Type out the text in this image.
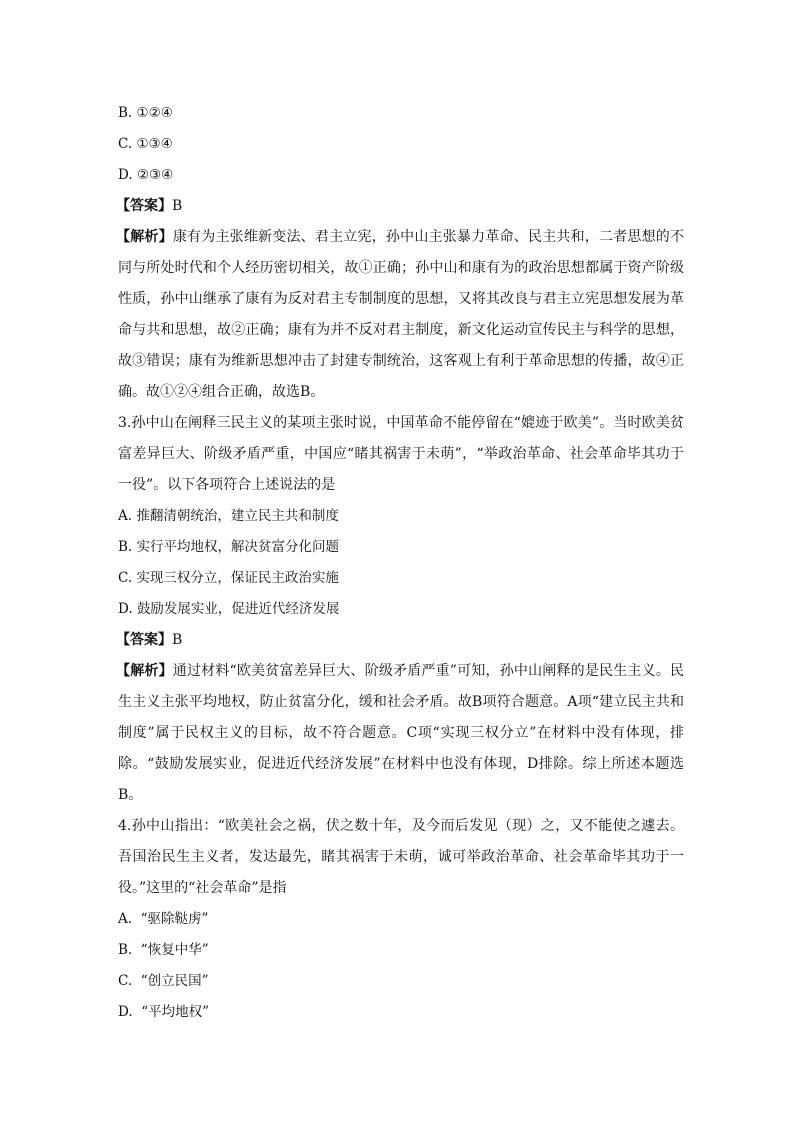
B. ①②④
C. ①③④
D. ②③④
【答案】B
【解析】康有为主张维新变法、君主立宪，孙中山主张暴力革命、民主共和，二者思想的不同与所处时代和个人经历密切相关，故①正确；孙中山和康有为的政治思想都属于资产阶级性质，孙中山继承了康有为反对君主专制制度的思想，又将其改良与君主立宪思想发展为革命与共和思想，故②正确；康有为并不反对君主制度，新文化运动宣传民主与科学的思想，故③错误；康有为维新思想冲击了封建专制统治，这客观上有利于革命思想的传播，故④正确。故①②④组合正确，故选B。
3.孙中山在阐释三民主义的某项主张时说，中国革命不能停留在“媲迹于欧美”。当时欧美贫富差异巨大、阶级矛盾严重，中国应“睹其祸害于未萌”，“举政治革命、社会革命毕其功于一役”。以下各项符合上述说法的是
A. 推翻清朝统治，建立民主共和制度
B. 实行平均地权，解决贫富分化问题
C. 实现三权分立，保证民主政治实施
D. 鼓励发展实业，促进近代经济发展
【答案】B
【解析】通过材料“欧美贫富差异巨大、阶级矛盾严重”可知，孙中山阐释的是民生主义。民生主义主张平均地权，防止贫富分化，缓和社会矛盾。故B项符合题意。A项“建立民主共和制度”属于民权主义的目标，故不符合题意。C项“实现三权分立”在材料中没有体现，排除。“鼓励发展实业，促进近代经济发展”在材料中也没有体现，D排除。综上所述本题选B。
4.孙中山指出：“欧美社会之祸，伏之数十年，及今而后发见（现）之，又不能使之遽去。吾国治民生主义者，发达最先，睹其祸害于未萌，诚可举政治革命、社会革命毕其功于一役。”这里的“社会革命”是指
A.  “驱除鞑虏”
B.  “恢复中华”
C.  “创立民国”
D.  “平均地权”
